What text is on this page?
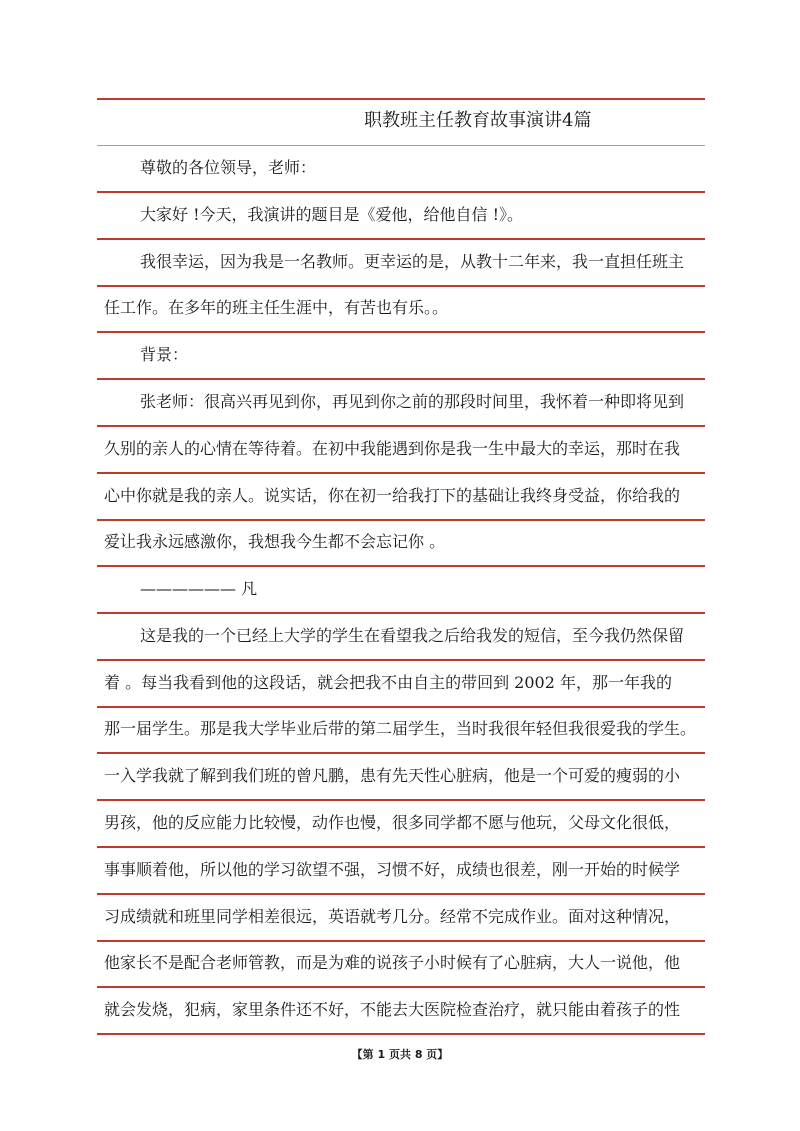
职教班主任教育故事演讲4篇
尊敬的各位领导，老师：
大家好 !今天，我演讲的题目是《爱他，给他自信 !》。
我很幸运，因为我是一名教师。更幸运的是，从教十二年来，我一直担任班主
任工作。在多年的班主任生涯中，有苦也有乐。。
背景：
张老师：很高兴再见到你，再见到你之前的那段时间里，我怀着一种即将见到
久别的亲人的心情在等待着。在初中我能遇到你是我一生中最大的幸运，那时在我
心中你就是我的亲人。说实话，你在初一给我打下的基础让我终身受益，你给我的
爱让我永远感激你，我想我今生都不会忘记你 。
—————— 凡
这是我的一个已经上大学的学生在看望我之后给我发的短信，至今我仍然保留
着 。每当我看到他的这段话，就会把我不由自主的带回到 2002 年，那一年我的
那一届学生。那是我大学毕业后带的第二届学生，当时我很年轻但我很爱我的学生。
一入学我就了解到我们班的曾凡鹏，患有先天性心脏病，他是一个可爱的瘦弱的小
男孩，他的反应能力比较慢，动作也慢，很多同学都不愿与他玩，父母文化很低，
事事顺着他，所以他的学习欲望不强，习惯不好，成绩也很差，刚一开始的时候学
习成绩就和班里同学相差很远，英语就考几分。经常不完成作业。面对这种情况，
他家长不是配合老师管教，而是为难的说孩子小时候有了心脏病，大人一说他，他
就会发烧，犯病，家里条件还不好，不能去大医院检查治疗，就只能由着孩子的性
【第 1 页共 8 页】
